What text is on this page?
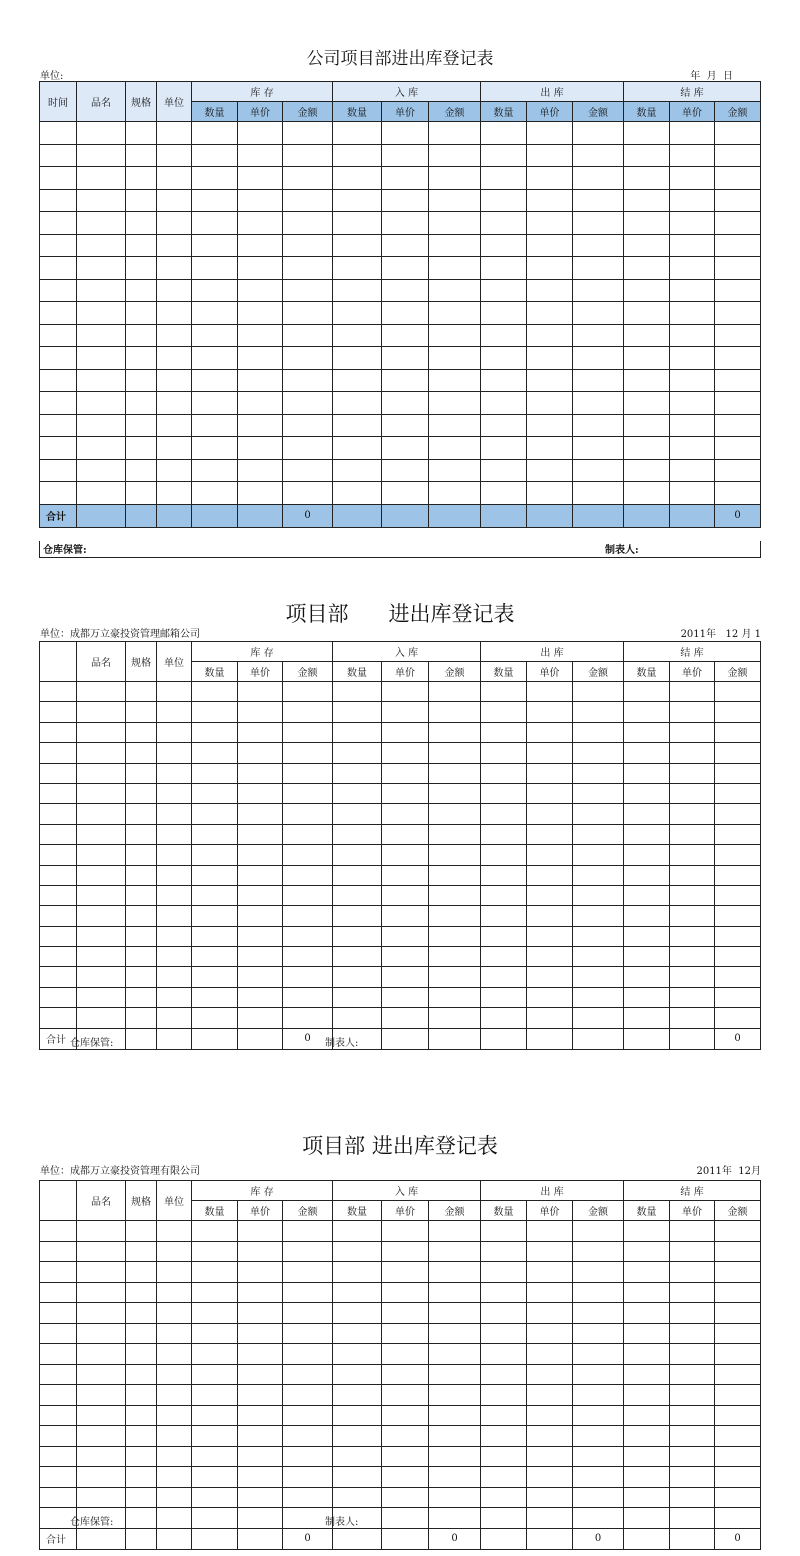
公司项目部进出库登记表
单位:	年  月  日
时间	品名	规格	单位	库 存			入 库			出 库			结 库		
				数量	单价	金额	数量	单价	金额	数量	单价	金额	数量	单价	金额

合计						0									0
仓库保管:	制表人:
项目部      进出库登记表
单位：成都万立豪投资管理邮箱公司	2011年   12 月 1
	品名	规格	单位	库 存			入 库			出 库			结 库		
				数量	单价	金额	数量	单价	金额	数量	单价	金额	数量	单价	金额

合计						0									0
仓库保管:	制表人:
项目部 进出库登记表
单位：成都万立豪投资管理有限公司	2011年  12月
	品名	规格	单位	库 存			入 库			出 库			结 库		
				数量	单价	金额	数量	单价	金额	数量	单价	金额	数量	单价	金额

合计						0			0			0			0
仓库保管:	制表人:
